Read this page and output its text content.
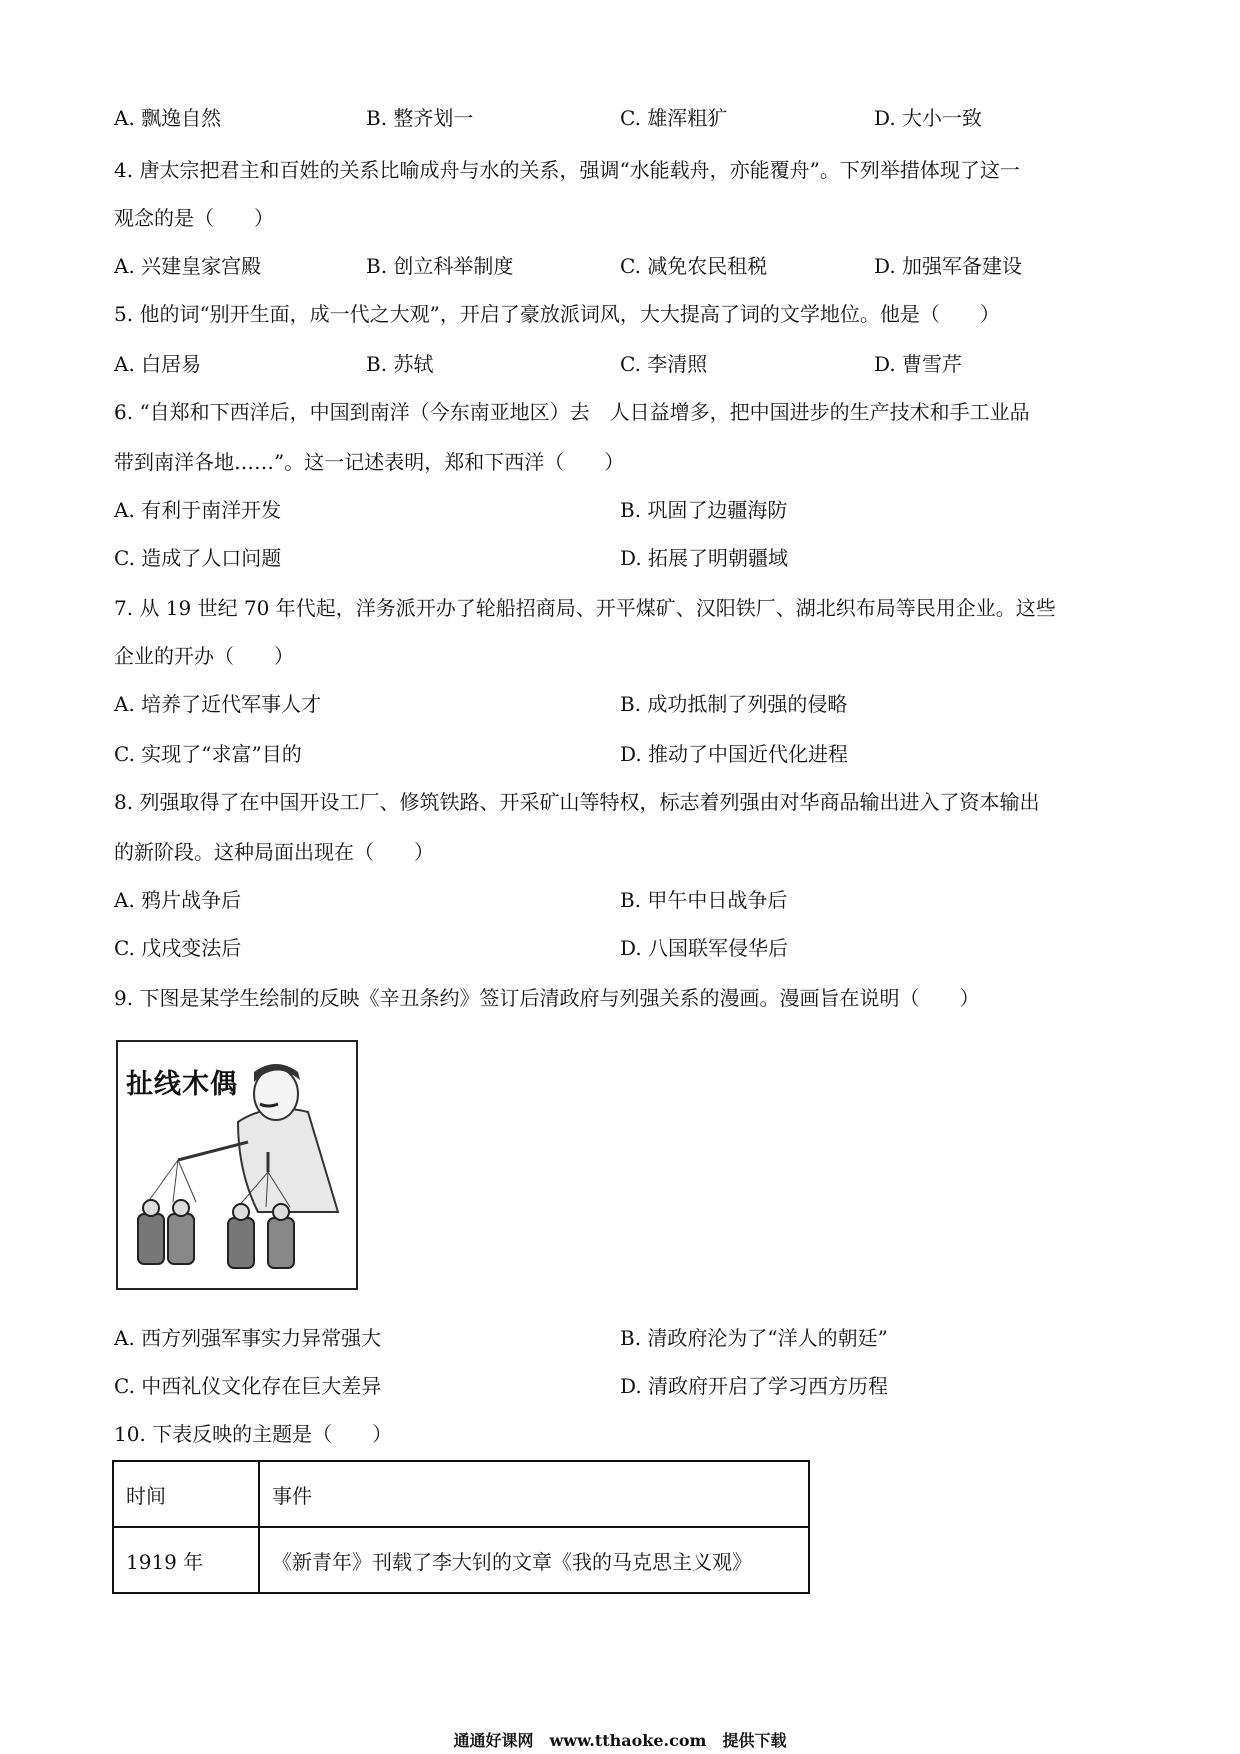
A. 飘逸自然	B. 整齐划一	C. 雄浑粗犷	D. 大小一致
4. 唐太宗把君主和百姓的关系比喻成舟与水的关系，强调“水能载舟，亦能覆舟”。下列举措体现了这一
观念的是（　　）
A. 兴建皇家宫殿	B. 创立科举制度	C. 减免农民租税	D. 加强军备建设
5. 他的词“别开生面，成一代之大观”，开启了豪放派词风，大大提高了词的文学地位。他是（　　）
A. 白居易	B. 苏轼	C. 李清照	D. 曹雪芹
6. “自郑和下西洋后，中国到南洋（今东南亚地区）去　人日益增多，把中国进步的生产技术和手工业品
带到南洋各地……”。这一记述表明，郑和下西洋（　　）
A. 有利于南洋开发	B. 巩固了边疆海防
C. 造成了人口问题	D. 拓展了明朝疆域
7. 从 19 世纪 70 年代起，洋务派开办了轮船招商局、开平煤矿、汉阳铁厂、湖北织布局等民用企业。这些
企业的开办（　　）
A. 培养了近代军事人才	B. 成功抵制了列强的侵略
C. 实现了“求富”目的	D. 推动了中国近代化进程
8. 列强取得了在中国开设工厂、修筑铁路、开采矿山等特权，标志着列强由对华商品输出进入了资本输出
的新阶段。这种局面出现在（　　）
A. 鸦片战争后	B. 甲午中日战争后
C. 戊戌变法后	D. 八国联军侵华后
9. 下图是某学生绘制的反映《辛丑条约》签订后清政府与列强关系的漫画。漫画旨在说明（　　）
扯线木偶
A. 西方列强军事实力异常强大	B. 清政府沦为了“洋人的朝廷”
C. 中西礼仪文化存在巨大差异	D. 清政府开启了学习西方历程
10. 下表反映的主题是（　　）
时间	事件
1919 年	《新青年》刊载了李大钊的文章《我的马克思主义观》
通通好课网　www.tthaoke.com　提供下载
